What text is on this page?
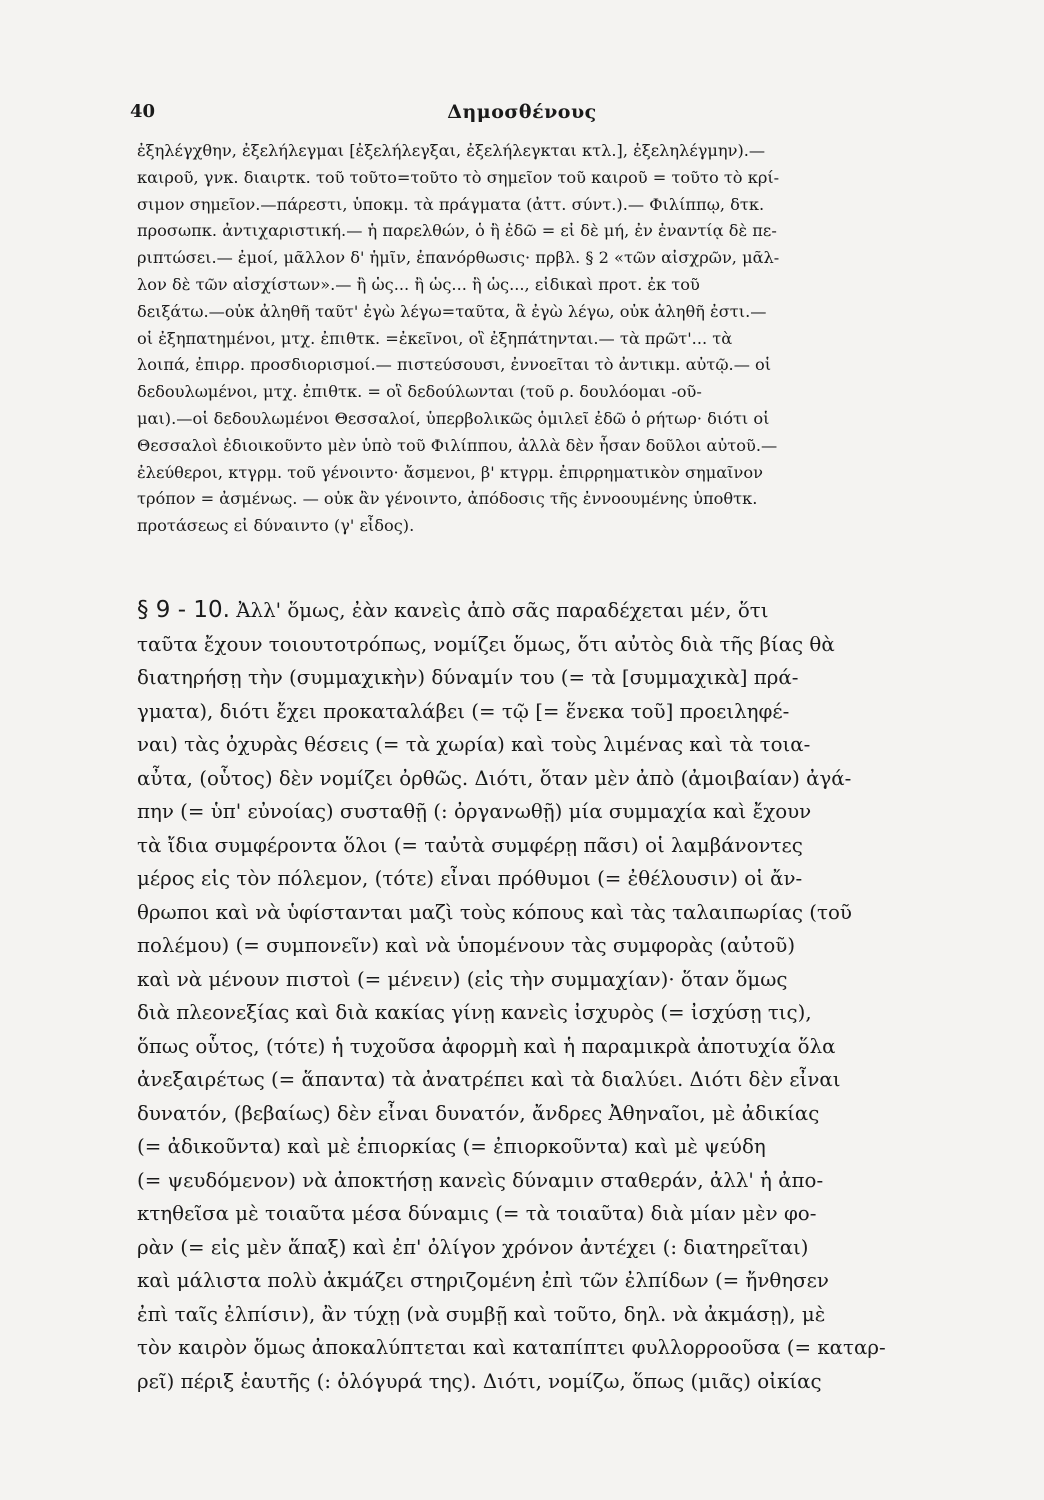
40	Δημοσθένους
ἐξηλέγχθην, ἐξελήλεγμαι [ἐξελήλεγξαι, ἐξελήλεγκται κτλ.], ἐξεληλέγμην).—
καιροῦ, γνκ. διαιρτκ. τοῦ τοῦτο=τοῦτο τὸ σημεῖον τοῦ καιροῦ = τοῦτο τὸ κρί-
σιμον σημεῖον.—πάρεστι, ὑποκμ. τὰ πράγματα (ἀττ. σύντ.).— Φιλίππῳ, δτκ.
προσωπκ. ἀντιχαριστική.— ἡ παρελθών, ὁ ἢ ἐδῶ = εἰ δὲ μή, ἐν ἐναντίᾳ δὲ πε-
ριπτώσει.— ἐμοί, μᾶλλον δ' ἡμῖν, ἐπανόρθωσις· πρβλ. § 2 «τῶν αἰσχρῶν, μᾶλ-
λον δὲ τῶν αἰσχίστων».— ἢ ὡς... ἢ ὡς... ἢ ὡς..., εἰδικαὶ προτ. ἐκ τοῦ
δειξάτω.—οὐκ ἀληθῆ ταῦτ' ἐγὼ λέγω=ταῦτα, ἃ ἐγὼ λέγω, οὐκ ἀληθῆ ἐστι.—
οἱ ἐξηπατημένοι, μτχ. ἐπιθτκ. =ἐκεῖνοι, οἳ ἐξηπάτηνται.— τὰ πρῶτ'... τὰ
λοιπά, ἐπιρρ. προσδιορισμοί.— πιστεύσουσι, ἐννοεῖται τὸ ἀντικμ. αὐτῷ.— οἱ
δεδουλωμένοι, μτχ. ἐπιθτκ. = οἳ δεδούλωνται (τοῦ ρ. δουλόομαι -οῦ-
μαι).—οἱ δεδουλωμένοι Θεσσαλοί, ὑπερβολικῶς ὁμιλεῖ ἐδῶ ὁ ρήτωρ· διότι οἱ
Θεσσαλοὶ ἐδιοικοῦντο μὲν ὑπὸ τοῦ Φιλίππου, ἀλλὰ δὲν ἦσαν δοῦλοι αὐτοῦ.—
ἐλεύθεροι, κτγρμ. τοῦ γένοιντο· ἄσμενοι, β' κτγρμ. ἐπιρρηματικὸν σημαῖνον
τρόπον = ἀσμένως. — οὐκ ἂν γένοιντο, ἀπόδοσις τῆς ἐννοουμένης ὑποθτκ.
προτάσεως εἰ δύναιντο (γ' εἶδος).
§ 9 - 10. Ἀλλ' ὅμως, ἐὰν κανεὶς ἀπὸ σᾶς παραδέχεται μέν, ὅτι
ταῦτα ἔχουν τοιουτοτρόπως, νομίζει ὅμως, ὅτι αὐτὸς διὰ τῆς βίας θὰ
διατηρήσῃ τὴν (συμμαχικὴν) δύναμίν του (= τὰ [συμμαχικὰ] πρά-
γματα), διότι ἔχει προκαταλάβει (= τῷ [= ἕνεκα τοῦ] προειληφέ-
ναι) τὰς ὀχυρὰς θέσεις (= τὰ χωρία) καὶ τοὺς λιμένας καὶ τὰ τοια-
αὖτα, (οὗτος) δὲν νομίζει ὀρθῶς. Διότι, ὅταν μὲν ἀπὸ (ἀμοιβαίαν) ἀγά-
πην (= ὑπ' εὐνοίας) συσταθῇ (: ὀργανωθῇ) μία συμμαχία καὶ ἔχουν
τὰ ἴδια συμφέροντα ὅλοι (= ταὐτὰ συμφέρῃ πᾶσι) οἱ λαμβάνοντες
μέρος εἰς τὸν πόλεμον, (τότε) εἶναι πρόθυμοι (= ἐθέλουσιν) οἱ ἄν-
θρωποι καὶ νὰ ὑφίστανται μαζὶ τοὺς κόπους καὶ τὰς ταλαιπωρίας (τοῦ
πολέμου) (= συμπονεῖν) καὶ νὰ ὑπομένουν τὰς συμφορὰς (αὐτοῦ)
καὶ νὰ μένουν πιστοὶ (= μένειν) (εἰς τὴν συμμαχίαν)· ὅταν ὅμως
διὰ πλεονεξίας καὶ διὰ κακίας γίνῃ κανεὶς ἰσχυρὸς (= ἰσχύσῃ τις),
ὅπως οὗτος, (τότε) ἡ τυχοῦσα ἀφορμὴ καὶ ἡ παραμικρὰ ἀποτυχία ὅλα
ἀνεξαιρέτως (= ἅπαντα) τὰ ἀνατρέπει καὶ τὰ διαλύει. Διότι δὲν εἶναι
δυνατόν, (βεβαίως) δὲν εἶναι δυνατόν, ἄνδρες Ἀθηναῖοι, μὲ ἀδικίας
(= ἀδικοῦντα) καὶ μὲ ἐπιορκίας (= ἐπιορκοῦντα) καὶ μὲ ψεύδη
(= ψευδόμενον) νὰ ἀποκτήσῃ κανεὶς δύναμιν σταθεράν, ἀλλ' ἡ ἀπο-
κτηθεῖσα μὲ τοιαῦτα μέσα δύναμις (= τὰ τοιαῦτα) διὰ μίαν μὲν φο-
ρὰν (= εἰς μὲν ἅπαξ) καὶ ἐπ' ὀλίγον χρόνον ἀντέχει (: διατηρεῖται)
καὶ μάλιστα πολὺ ἀκμάζει στηριζομένη ἐπὶ τῶν ἐλπίδων (= ἤνθησεν
ἐπὶ ταῖς ἐλπίσιν), ἂν τύχῃ (νὰ συμβῇ καὶ τοῦτο, δηλ. νὰ ἀκμάσῃ), μὲ
τὸν καιρὸν ὅμως ἀποκαλύπτεται καὶ καταπίπτει φυλλορροοῦσα (= καταρ-
ρεῖ) πέριξ ἑαυτῆς (: ὁλόγυρά της). Διότι, νομίζω, ὅπως (μιᾶς) οἰκίας
